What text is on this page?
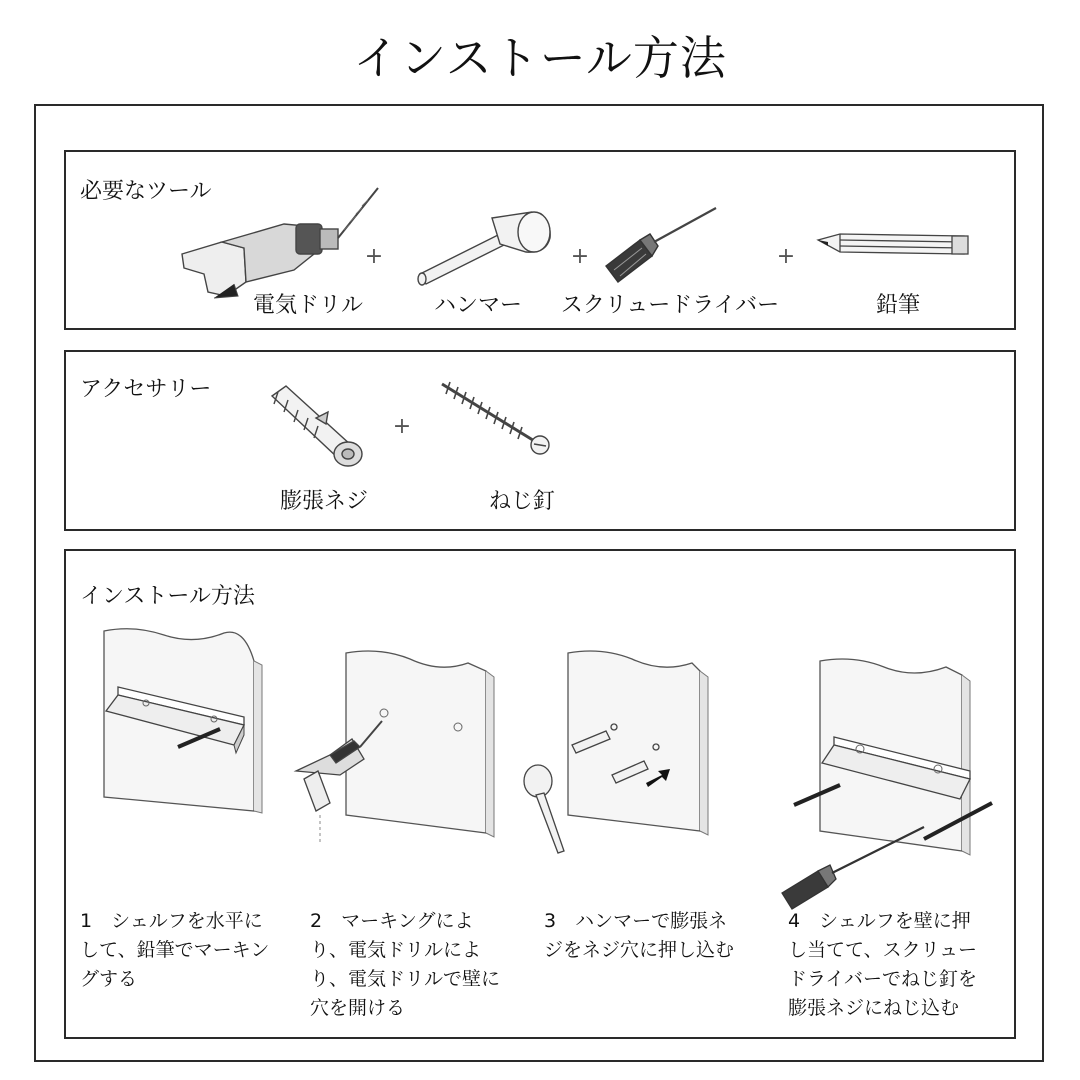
インストール方法
必要なツール
+	+	+
電気ドリル	ハンマー スクリュードライバー	鉛筆
アクセサリー
+
膨張ネジ	ねじ釘
インストール方法
1　シェルフを水平にして、鉛筆でマーキングする
2　マーキングにより、電気ドリルにより、電気ドリルで壁に穴を開ける
3　ハンマーで膨張ネジをネジ穴に押し込む
4　シェルフを壁に押し当てて、スクリュードライバーでねじ釘を膨張ネジにねじ込む
